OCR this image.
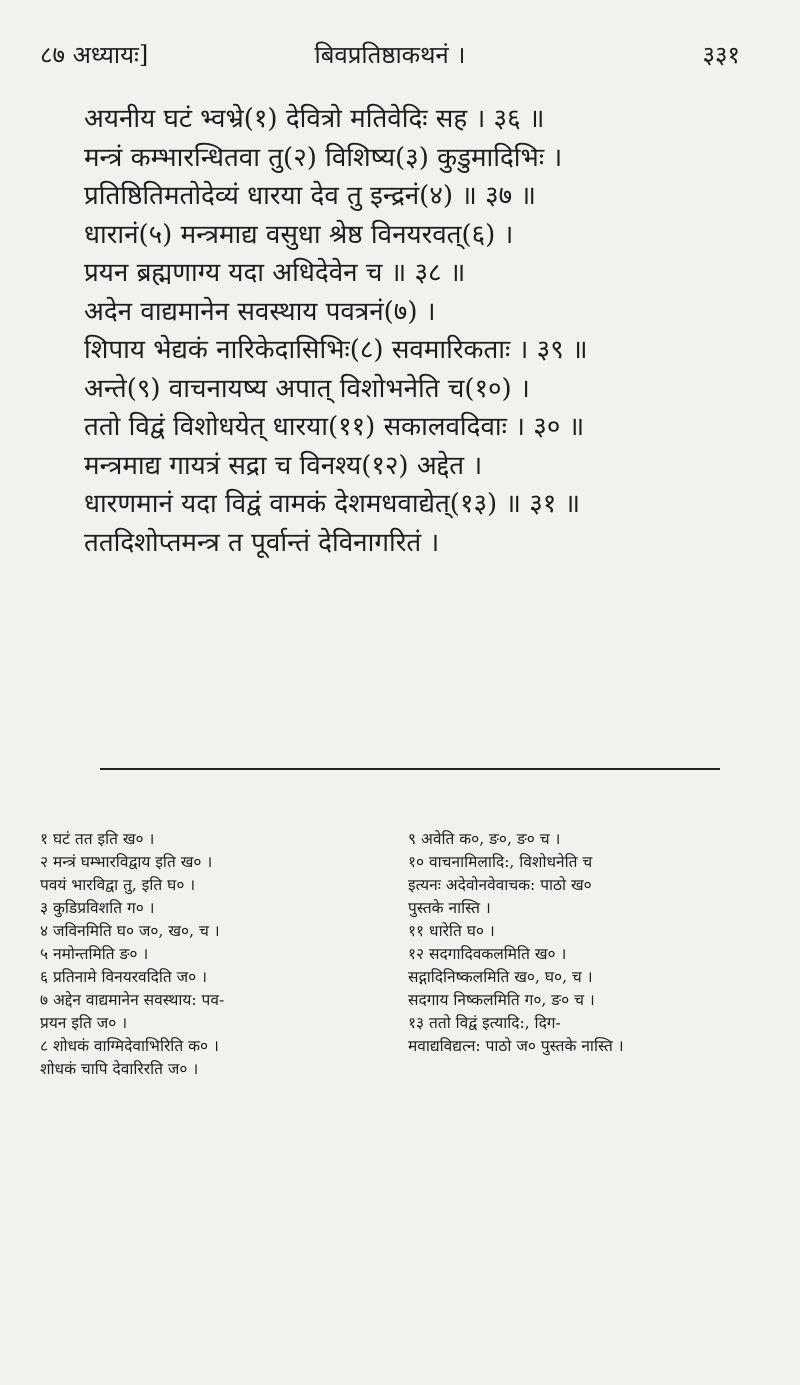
८७ अध्यायः]	बिवप्रतिष्ठाकथनं ।	३३१
अयनीय घटं भ्वभ्रे(१) देवित्रो मतिवेदिः सह । ३६ ॥
मन्त्रं कम्भारन्धितवा तु(२) विशिष्य(३) कुडुमादिभिः ।
प्रतिष्ठितिमतोदेव्यं धारया देव तु इन्द्रनं(४) ॥ ३७ ॥
धारानं(५) मन्त्रमाद्य वसुधा श्रेष्ठ विनयरवत्(६) ।
प्रयन ब्रह्मणाग्य यदा अधिदेवेन च ॥ ३८ ॥
अदेन वाद्यमानेन सवस्थाय पवत्रनं(७) ।
शिपाय भेद्यकं नारिकेदासिभिः(८) सवमारिकताः । ३९ ॥
अन्ते(९) वाचनायष्य अपात् विशोभनेति च(१०) ।
ततो विद्वं विशोधयेत् धारया(११) सकालवदिवाः । ३० ॥
मन्त्रमाद्य गायत्रं सद्रा च विनश्य(१२) अद्देत ।
धारणमानं यदा विद्वं वामकं देशमधवाद्येत्(१३) ॥ ३१ ॥
ततदिशोप्तमन्त्र त पूर्वान्तं देविनागरितं ।
१ घटं तत इति ख० ।
२ मन्त्रं घम्भारविद्वाय इति ख० ।
पवयं भारविद्वा तु, इति घ० ।
३ कुडिप्रविशति ग० ।
४ जविनमिति घ० ज०, ख०, च ।
५ नमोन्तमिति ङ० ।
६ प्रतिनामे विनयरवदिति ज० ।
७ अद्देन वाद्यमानेन सवस्थाय: पव-
प्रयन इति ज० ।
८ शोधकं वाग्मिदेवाभिरिति क० ।
शोधकं चापि देवारिरति ज० ।
९ अवेति क०, ङ०, ङ० च ।
१० वाचनामिलादि:, विशोधनेति च
इत्यनः अदेवोनवेवाचक: पाठो ख०
पुस्तके नास्ति ।
११ धारेति घ० ।
१२ सदगादिवकलमिति ख० ।
सद्गादिनिष्कलमिति ख०, घ०, च ।
सदगाय निष्कलमिति ग०, ङ० च ।
१३ ततो विद्वं इत्यादि:, दिग-
मवाद्यविद्यत्न: पाठो ज० पुस्तके नास्ति ।
